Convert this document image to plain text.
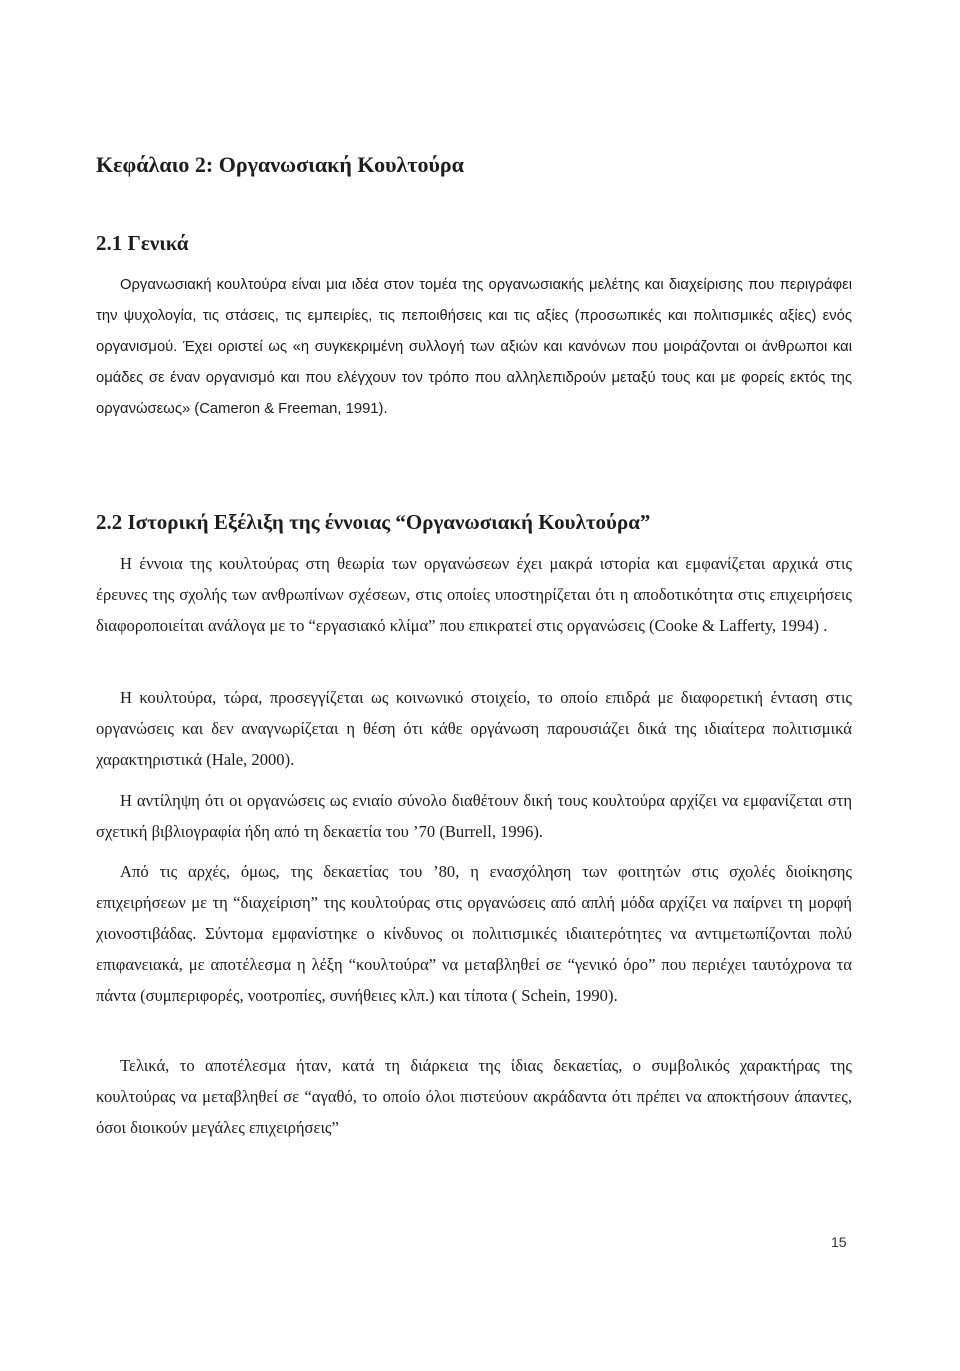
Κεφάλαιο 2: Οργανωσιακή Κουλτούρα
2.1 Γενικά

Οργανωσιακή κουλτούρα είναι μια ιδέα στον τομέα της οργανωσιακής μελέτης και διαχείρισης που περιγράφει την ψυχολογία, τις στάσεις, τις εμπειρίες, τις πεποιθήσεις και τις αξίες (προσωπικές και πολιτισμικές αξίες) ενός οργανισμού. Έχει οριστεί ως «η συγκεκριμένη συλλογή των αξιών και κανόνων που μοιράζονται οι άνθρωποι και ομάδες σε έναν οργανισμό και που ελέγχουν τον τρόπο που αλληλεπιδρούν μεταξύ τους και με φορείς εκτός της οργανώσεως» (Cameron & Freeman, 1991).

2.2 Ιστορική Εξέλιξη της έννοιας “Οργανωσιακή Κουλτούρα”

Η έννοια της κουλτούρας στη θεωρία των οργανώσεων έχει μακρά ιστορία και εμφανίζεται αρχικά στις έρευνες της σχολής των ανθρωπίνων σχέσεων, στις οποίες υποστηρίζεται ότι η αποδοτικότητα στις επιχειρήσεις διαφοροποιείται ανάλογα με το “εργασιακό κλίμα” που επικρατεί στις οργανώσεις (Cooke & Lafferty, 1994) .

Η κουλτούρα, τώρα, προσεγγίζεται ως κοινωνικό στοιχείο, το οποίο επιδρά με διαφορετική ένταση στις οργανώσεις και δεν αναγνωρίζεται η θέση ότι κάθε οργάνωση παρουσιάζει δικά της ιδιαίτερα πολιτισμικά χαρακτηριστικά (Hale, 2000).

Η αντίληψη ότι οι οργανώσεις ως ενιαίο σύνολο διαθέτουν δική τους κουλτούρα αρχίζει να εμφανίζεται στη σχετική βιβλιογραφία ήδη από τη δεκαετία του ’70 (Burrell, 1996).

Από τις αρχές, όμως, της δεκαετίας του ’80, η ενασχόληση των φοιτητών στις σχολές διοίκησης επιχειρήσεων με τη “διαχείριση” της κουλτούρας στις οργανώσεις από απλή μόδα αρχίζει να παίρνει τη μορφή χιονοστιβάδας. Σύντομα εμφανίστηκε ο κίνδυνος οι πολιτισμικές ιδιαιτερότητες να αντιμετωπίζονται πολύ επιφανειακά, με αποτέλεσμα η λέξη “κουλτούρα” να μεταβληθεί σε “γενικό όρο” που περιέχει ταυτόχρονα τα πάντα (συμπεριφορές, νοοτροπίες, συνήθειες κλπ.) και τίποτα ( Schein, 1990).

Τελικά, το αποτέλεσμα ήταν, κατά τη διάρκεια της ίδιας δεκαετίας, ο συμβολικός χαρακτήρας της κουλτούρας να μεταβληθεί σε “αγαθό, το οποίο όλοι πιστεύουν ακράδαντα ότι πρέπει να αποκτήσουν άπαντες, όσοι διοικούν μεγάλες επιχειρήσεις”

15
